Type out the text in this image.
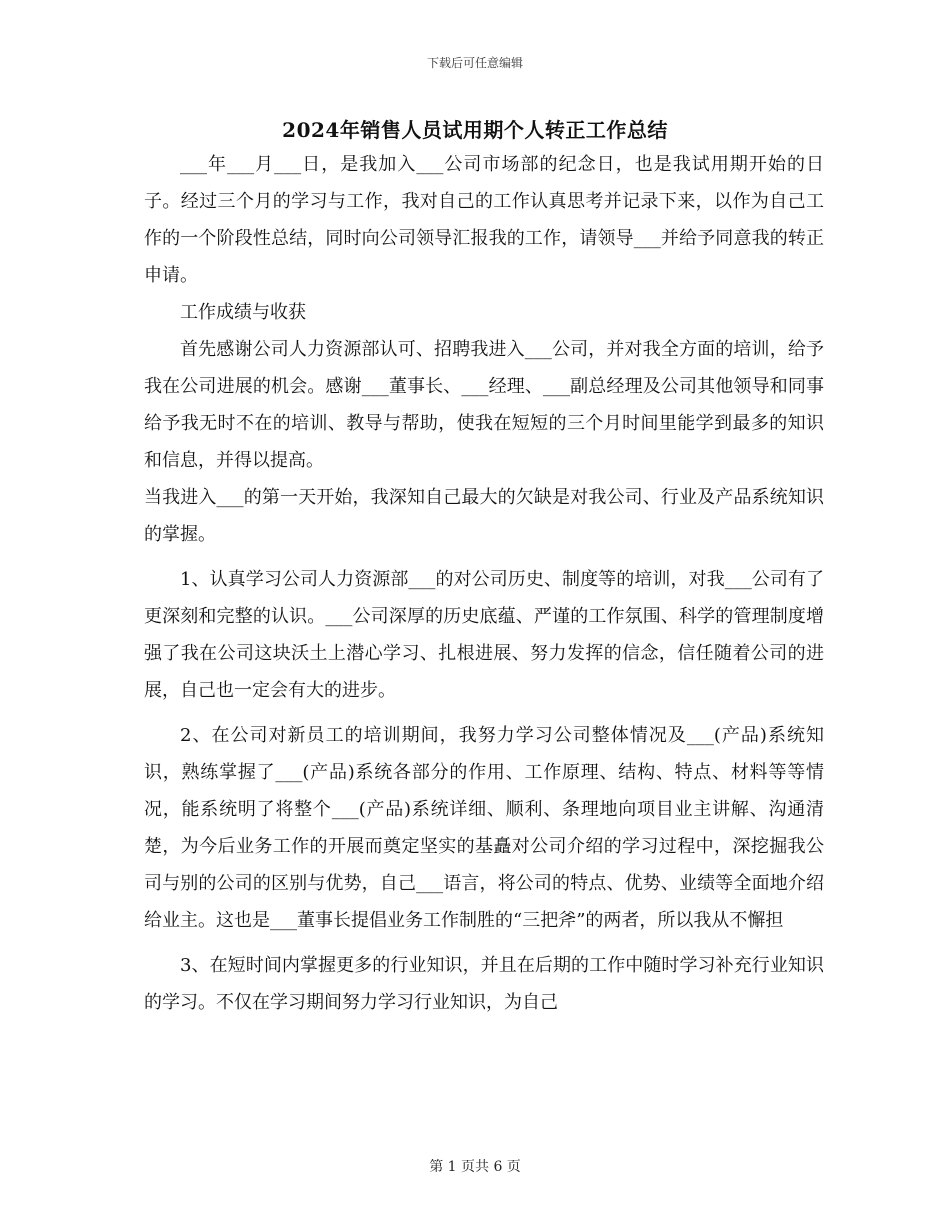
下载后可任意编辑
2024年销售人员试用期个人转正工作总结

___年___月___日，是我加入___公司市场部的纪念日，也是我试用期开始的日子。经过三个月的学习与工作，我对自己的工作认真思考并记录下来，以作为自己工作的一个阶段性总结，同时向公司领导汇报我的工作，请领导___并给予同意我的转正申请。

工作成绩与收获

首先感谢公司人力资源部认可、招聘我进入___公司，并对我全方面的培训，给予我在公司进展的机会。感谢___董事长、___经理、___副总经理及公司其他领导和同事给予我无时不在的培训、教导与帮助，使我在短短的三个月时间里能学到最多的知识和信息，并得以提高。

当我进入___的第一天开始，我深知自己最大的欠缺是对我公司、行业及产品系统知识的掌握。

1、认真学习公司人力资源部___的对公司历史、制度等的培训，对我___公司有了更深刻和完整的认识。___公司深厚的历史底蕴、严谨的工作氛围、科学的管理制度增强了我在公司这块沃土上潜心学习、扎根进展、努力发挥的信念，信任随着公司的进展，自己也一定会有大的进步。

2、在公司对新员工的培训期间，我努力学习公司整体情况及___(产品)系统知识，熟练掌握了___(产品)系统各部分的作用、工作原理、结构、特点、材料等等情况，能系统明了将整个___(产品)系统详细、顺利、条理地向项目业主讲解、沟通清楚，为今后业务工作的开展而奠定坚实的基矗对公司介绍的学习过程中，深挖掘我公司与别的公司的区别与优势，自己___语言，将公司的特点、优势、业绩等全面地介绍给业主。这也是___董事长提倡业务工作制胜的“三把斧”的两者，所以我从不懈担

3、在短时间内掌握更多的行业知识，并且在后期的工作中随时学习补充行业知识的学习。不仅在学习期间努力学习行业知识，为自己

第 1 页共 6 页
